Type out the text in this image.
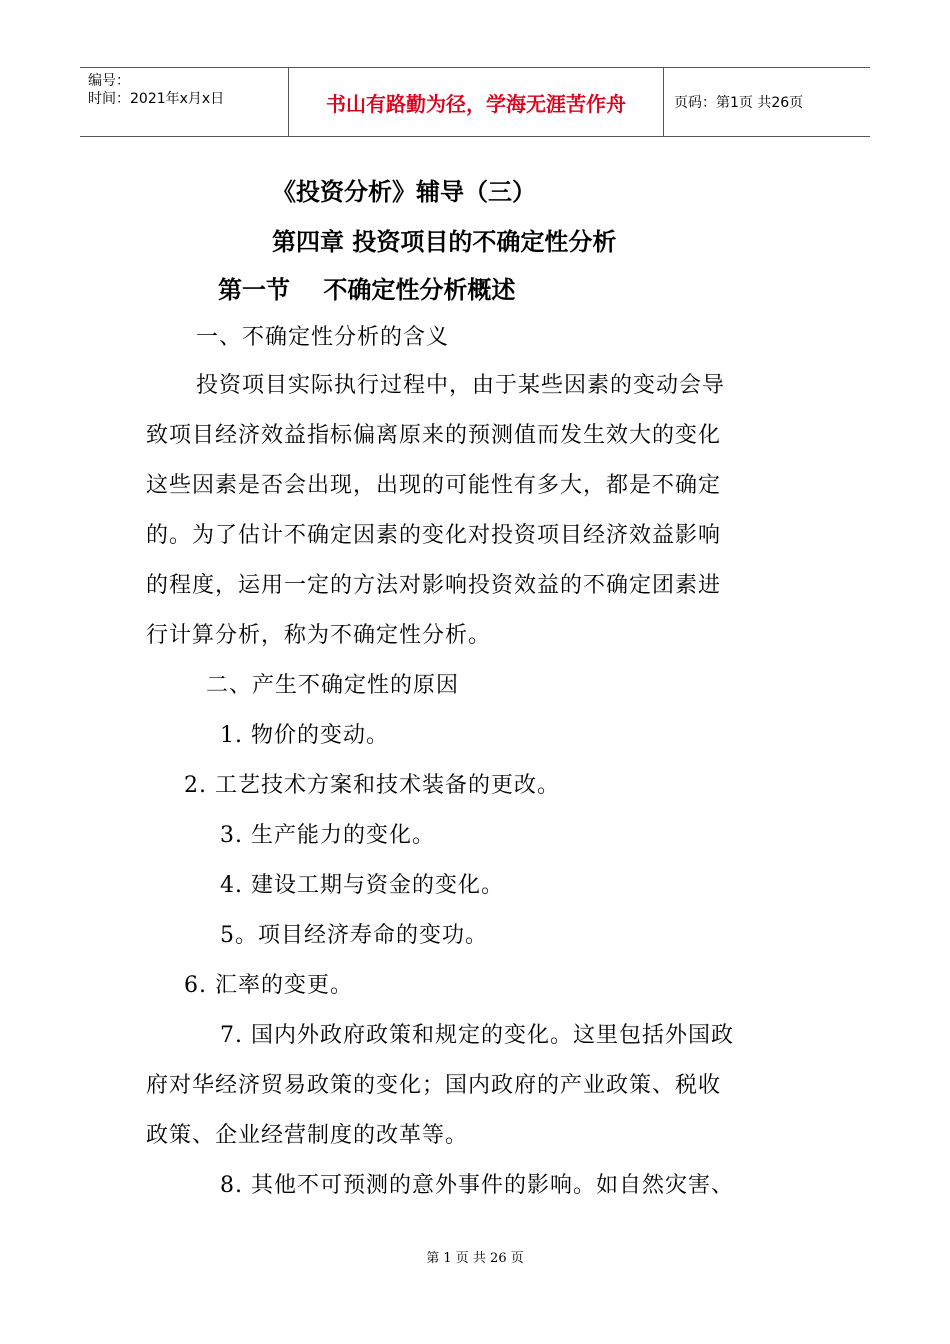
编号：
时间：2021年x月x日	书山有路勤为径，学海无涯苦作舟	页码：第1页 共26页
《投资分析》辅导（三）
第四章 投资项目的不确定性分析
第一节    不确定性分析概述
一、不确定性分析的含义
投资项目实际执行过程中，由于某些因素的变动会导
致项目经济效益指标偏离原来的预测值而发生效大的变化
这些因素是否会出现，出现的可能性有多大，都是不确定
的。为了估计不确定因素的变化对投资项目经济效益影响
的程度，运用一定的方法对影响投资效益的不确定团素进
行计算分析，称为不确定性分析。
二、产生不确定性的原因
1. 物价的变动。
2. 工艺技术方案和技术装备的更改。
3. 生产能力的变化。
4. 建设工期与资金的变化。
5。项目经济寿命的变功。
6. 汇率的变更。
7. 国内外政府政策和规定的变化。这里包括外国政
府对华经济贸易政策的变化；国内政府的产业政策、税收
政策、企业经营制度的改革等。
8. 其他不可预测的意外事件的影响。如自然灾害、
第 1 页 共 26 页
